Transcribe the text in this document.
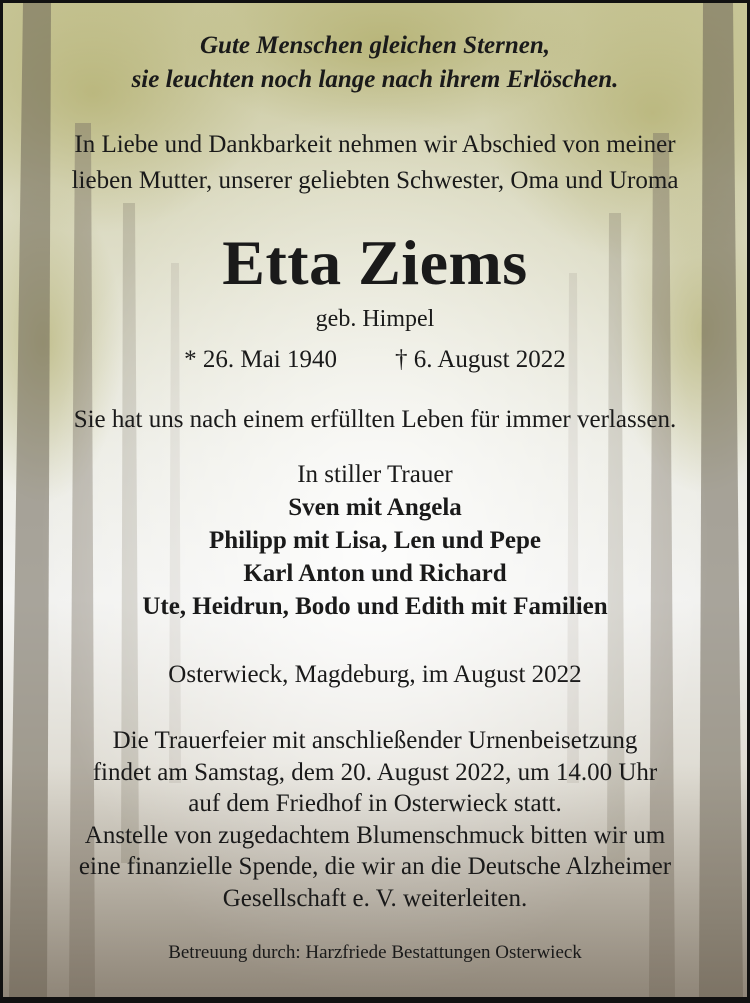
Gute Menschen gleichen Sternen,
sie leuchten noch lange nach ihrem Erlöschen.
In Liebe und Dankbarkeit nehmen wir Abschied von meiner
lieben Mutter, unserer geliebten Schwester, Oma und Uroma
Etta Ziems
geb. Himpel
* 26. Mai 1940 † 6. August 2022
Sie hat uns nach einem erfüllten Leben für immer verlassen.
In stiller Trauer
Sven mit Angela
Philipp mit Lisa, Len und Pepe
Karl Anton und Richard
Ute, Heidrun, Bodo und Edith mit Familien
Osterwieck, Magdeburg, im August 2022
Die Trauerfeier mit anschließender Urnenbeisetzung
findet am Samstag, dem 20. August 2022, um 14.00 Uhr
auf dem Friedhof in Osterwieck statt.
Anstelle von zugedachtem Blumenschmuck bitten wir um
eine finanzielle Spende, die wir an die Deutsche Alzheimer
Gesellschaft e. V. weiterleiten.
Betreuung durch: Harzfriede Bestattungen Osterwieck
